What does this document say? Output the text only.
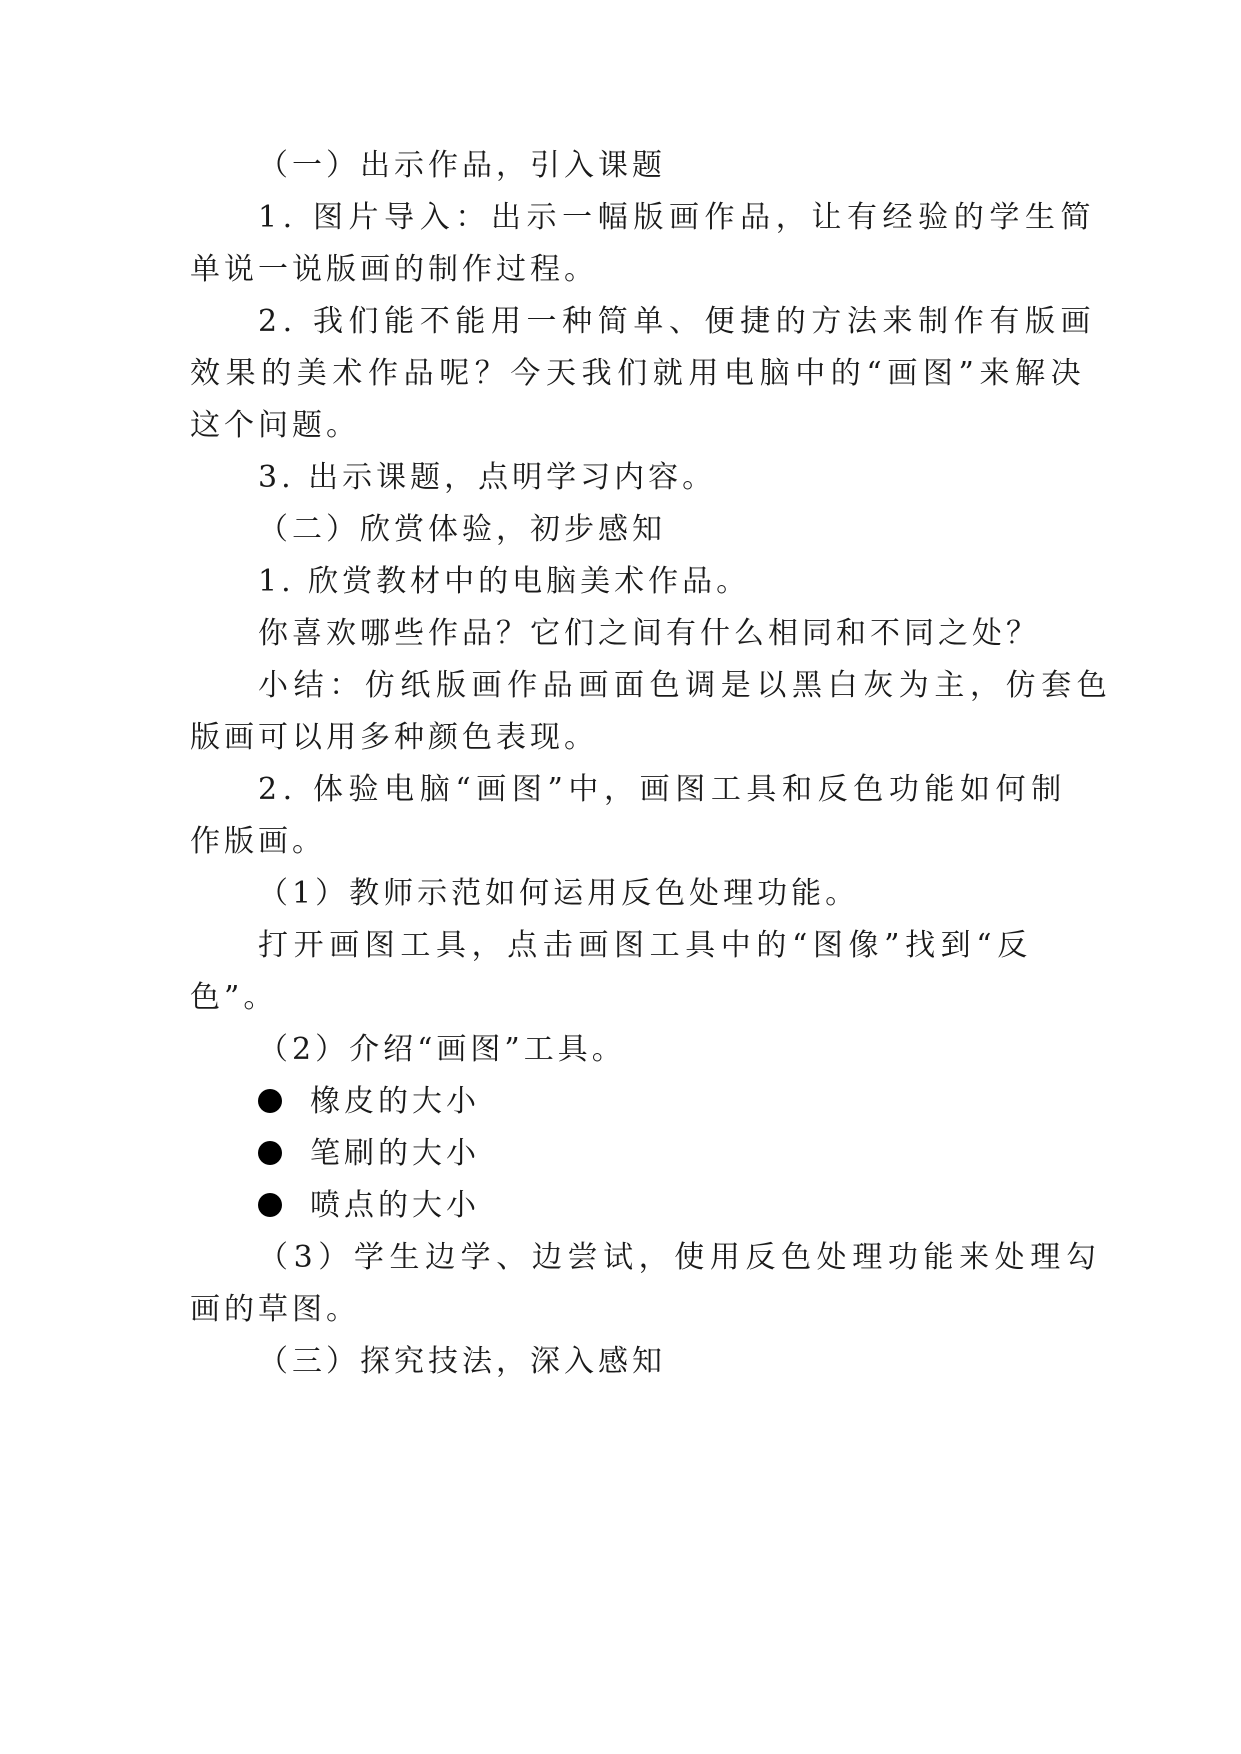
（一）出示作品，引入课题
1. 图片导入：出示一幅版画作品，让有经验的学生简
单说一说版画的制作过程。
2. 我们能不能用一种简单、便捷的方法来制作有版画
效果的美术作品呢？今天我们就用电脑中的“画图”来解决
这个问题。
3. 出示课题，点明学习内容。
（二）欣赏体验，初步感知
1. 欣赏教材中的电脑美术作品。
你喜欢哪些作品？它们之间有什么相同和不同之处？
小结：仿纸版画作品画面色调是以黑白灰为主，仿套色
版画可以用多种颜色表现。
2. 体验电脑“画图”中，画图工具和反色功能如何制
作版画。
（1）教师示范如何运用反色处理功能。
打开画图工具，点击画图工具中的“图像”找到“反
色”。
（2）介绍“画图”工具。
橡皮的大小
笔刷的大小
喷点的大小
（3）学生边学、边尝试，使用反色处理功能来处理勾
画的草图。
（三）探究技法，深入感知
